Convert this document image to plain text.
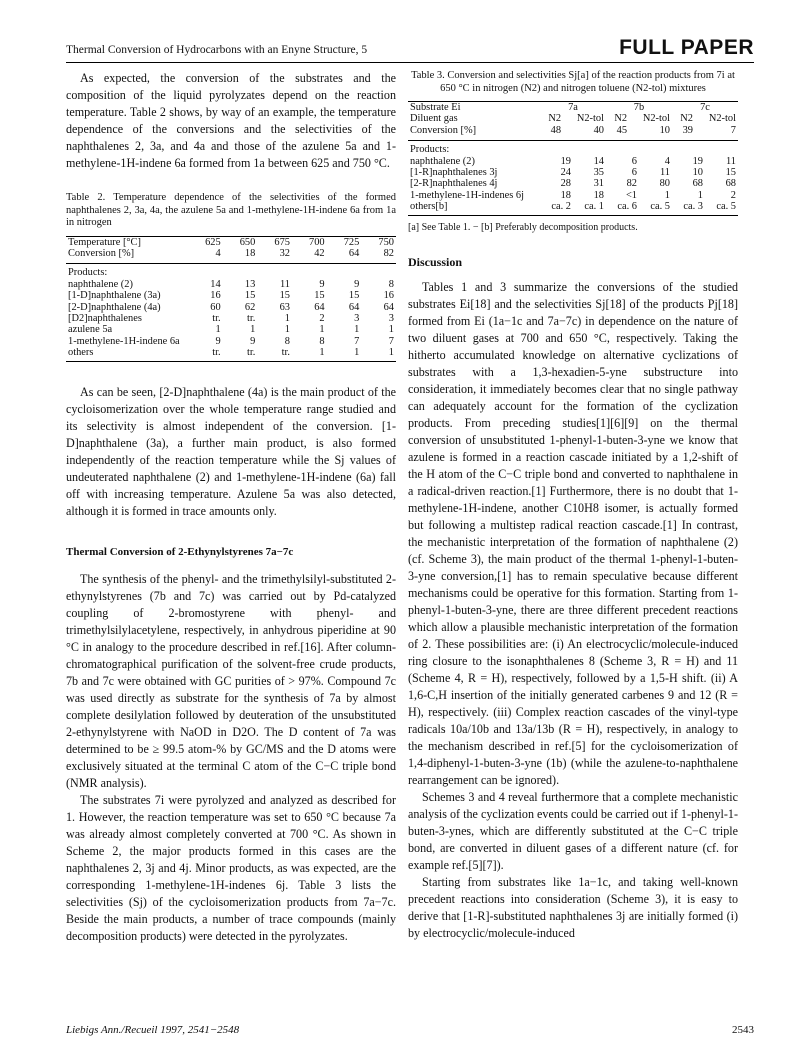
Thermal Conversion of Hydrocarbons with an Enyne Structure, 5	FULL PAPER

As expected, the conversion of the substrates and the composition of the liquid pyrolyzates depend on the reaction temperature. Table 2 shows, by way of an example, the temperature dependence of the conversions and the selectivities of the naphthalenes 2, 3a, and 4a and those of the azulene 5a and 1-methylene-1H-indene 6a formed from 1a between 625 and 750 °C.

Table 2. Temperature dependence of the selectivities of the formed naphthalenes 2, 3a, 4a, the azulene 5a and 1-methylene-1H-indene 6a from 1a in nitrogen

Temperature [°C]	625	650	675	700	725	750
Conversion [%]	4	18	32	42	64	82
Products:						
naphthalene (2)	14	13	11	9	9	8
[1-D]naphthalene (3a)	16	15	15	15	15	16
[2-D]naphthalene (4a)	60	62	63	64	64	64
[D2]naphthalenes	tr.	tr.	1	2	3	3
azulene 5a	1	1	1	1	1	1
1-methylene-1H-indene 6a	9	9	8	8	7	7
others	tr.	tr.	tr.	1	1	1

As can be seen, [2-D]naphthalene (4a) is the main product of the cycloisomerization over the whole temperature range studied and its selectivity is almost independent of the conversion. [1-D]naphthalene (3a), a further main product, is also formed independently of the reaction temperature while the Sj values of undeuterated naphthalene (2) and 1-methylene-1H-indene (6a) fall off with increasing temperature. Azulene 5a was also detected, although it is formed in trace amounts only.

Thermal Conversion of 2-Ethynylstyrenes 7a−7c

The synthesis of the phenyl- and the trimethylsilyl-substituted 2-ethynylstyrenes (7b and 7c) was carried out by Pd-catalyzed coupling of 2-bromostyrene with phenyl- and trimethylsilylacetylene, respectively, in anhydrous piperidine at 90 °C in analogy to the procedure described in ref.[16]. After column-chromatographical purification of the solvent-free crude products, 7b and 7c were obtained with GC purities of > 97%. Compound 7c was used directly as substrate for the synthesis of 7a by almost complete desilylation followed by deuteration of the unsubstituted 2-ethynylstyrene with NaOD in D2O. The D content of 7a was determined to be ≥ 99.5 atom-% by GC/MS and the D atoms were exclusively situated at the terminal C atom of the C−C triple bond (NMR analysis).

The substrates 7i were pyrolyzed and analyzed as described for 1. However, the reaction temperature was set to 650 °C because 7a was already almost completely converted at 700 °C. As shown in Scheme 2, the major products formed in this cases are the naphthalenes 2, 3j and 4j. Minor products, as was expected, are the corresponding 1-methylene-1H-indenes 6j. Table 3 lists the selectivities (Sj) of the cycloisomerization products from 7a−7c. Beside the main products, a number of trace compounds (mainly decomposition products) were detected in the pyrolyzates.

Table 3. Conversion and selectivities Sj[a] of the reaction products from 7i at 650 °C in nitrogen (N2) and nitrogen toluene (N2-tol) mixtures

Substrate Ei	7a		7b		7c	
Diluent gas	N2	N2-tol	N2	N2-tol	N2	N2-tol
Conversion [%]	48	40	45	10	39	7
Products:						
naphthalene (2)	19	14	6	4	19	11
[1-R]naphthalenes 3j	24	35	6	11	10	15
[2-R]naphthalenes 4j	28	31	82	80	68	68
1-methylene-1H-indenes 6j	18	18	<1	1	1	2
others[b]	ca. 2	ca. 1	ca. 6	ca. 5	ca. 3	ca. 5

[a] See Table 1. − [b] Preferably decomposition products.

Discussion

Tables 1 and 3 summarize the conversions of the studied substrates Ei[18] and the selectivities Sj[18] of the products Pj[18] formed from Ei (1a−1c and 7a−7c) in dependence on the nature of two diluent gases at 700 and 650 °C, respectively. Taking the hitherto accumulated knowledge on alternative cyclizations of substrates with a 1,3-hexadien-5-yne substructure into consideration, it immediately becomes clear that no single pathway can adequately account for the formation of the cyclization products. From preceding studies[1][6][9] on the thermal conversion of unsubstituted 1-phenyl-1-buten-3-yne we know that azulene is formed in a reaction cascade initiated by a 1,2-shift of the H atom of the C−C triple bond and converted to naphthalene in a radical-driven reaction.[1] Furthermore, there is no doubt that 1-methylene-1H-indene, another C10H8 isomer, is actually formed but following a multistep radical reaction cascade.[1] In contrast, the mechanistic interpretation of the formation of naphthalene (2) (cf. Scheme 3), the main product of the thermal 1-phenyl-1-buten-3-yne conversion,[1] has to remain speculative because different mechanisms could be operative for this formation. Starting from 1-phenyl-1-buten-3-yne, there are three different precedent reactions which allow a plausible mechanistic interpretation of the formation of 2. These possibilities are: (i) An electrocyclic/molecule-induced ring closure to the isonaphthalenes 8 (Scheme 3, R = H) and 11 (Scheme 4, R = H), respectively, followed by a 1,5-H shift. (ii) A 1,6-C,H insertion of the initially generated carbenes 9 and 12 (R = H), respectively. (iii) Complex reaction cascades of the vinyl-type radicals 10a/10b and 13a/13b (R = H), respectively, in analogy to the mechanism described in ref.[5] for the cycloisomerization of 1,4-diphenyl-1-buten-3-yne (1b) (while the azulene-to-naphthalene rearrangement can be ignored).

Schemes 3 and 4 reveal furthermore that a complete mechanistic analysis of the cyclization events could be carried out if 1-phenyl-1-buten-3-ynes, which are differently substituted at the C−C triple bond, are converted in diluent gases of a different nature (cf. for example ref.[5][7]).

Starting from substrates like 1a−1c, and taking well-known precedent reactions into consideration (Scheme 3), it is easy to derive that [1-R]-substituted naphthalenes 3j are initially formed (i) by electrocyclic/molecule-induced

Liebigs Ann./Recueil 1997, 2541−2548	2543
